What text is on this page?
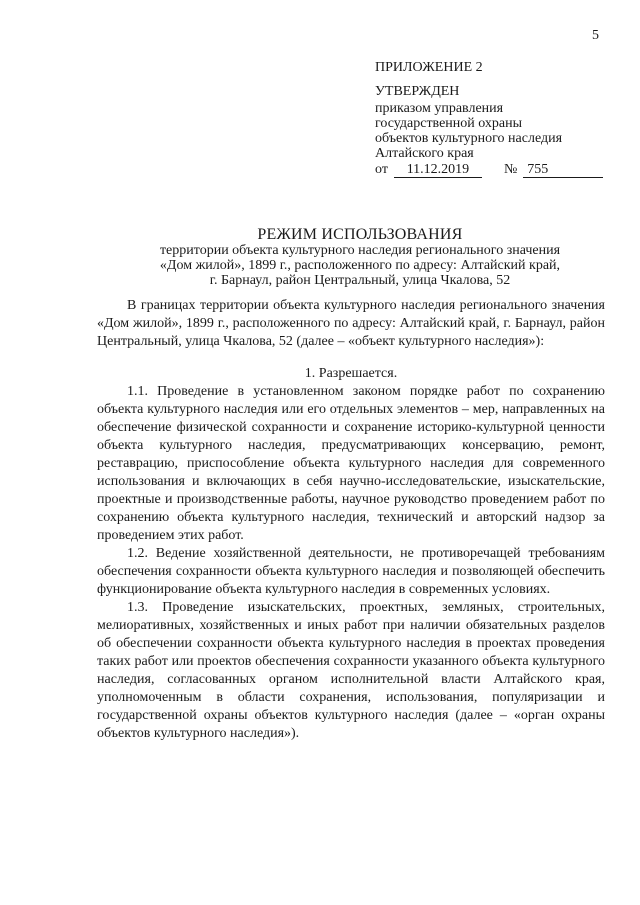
5
ПРИЛОЖЕНИЕ 2
УТВЕРЖДЕН
приказом управления
государственной охраны
объектов культурного наследия
Алтайского края
от 11.12.2019 № 755
РЕЖИМ ИСПОЛЬЗОВАНИЯ
территории объекта культурного наследия регионального значения
«Дом жилой», 1899 г., расположенного по адресу: Алтайский край,
г. Барнаул, район Центральный, улица Чкалова, 52

В границах территории объекта культурного наследия регионального значения «Дом жилой», 1899 г., расположенного по адресу: Алтайский край, г. Барнаул, район Центральный, улица Чкалова, 52 (далее – «объект культурного наследия»):

1. Разрешается.

1.1. Проведение в установленном законом порядке работ по сохранению объекта культурного наследия или его отдельных элементов – мер, направленных на обеспечение физической сохранности и сохранение историко-культурной ценности объекта культурного наследия, предусматривающих консервацию, ремонт, реставрацию, приспособление объекта культурного наследия для современного использования и включающих в себя научно-исследовательские, изыскательские, проектные и производственные работы, научное руководство проведением работ по сохранению объекта культурного наследия, технический и авторский надзор за проведением этих работ.

1.2. Ведение хозяйственной деятельности, не противоречащей требованиям обеспечения сохранности объекта культурного наследия и позволяющей обеспечить функционирование объекта культурного наследия в современных условиях.

1.3. Проведение изыскательских, проектных, земляных, строительных, мелиоративных, хозяйственных и иных работ при наличии обязательных разделов об обеспечении сохранности объекта культурного наследия в проектах проведения таких работ или проектов обеспечения сохранности указанного объекта культурного наследия, согласованных органом исполнительной власти Алтайского края, уполномоченным в области сохранения, использования, популяризации и государственной охраны объектов культурного наследия (далее – «орган охраны объектов культурного наследия»).
